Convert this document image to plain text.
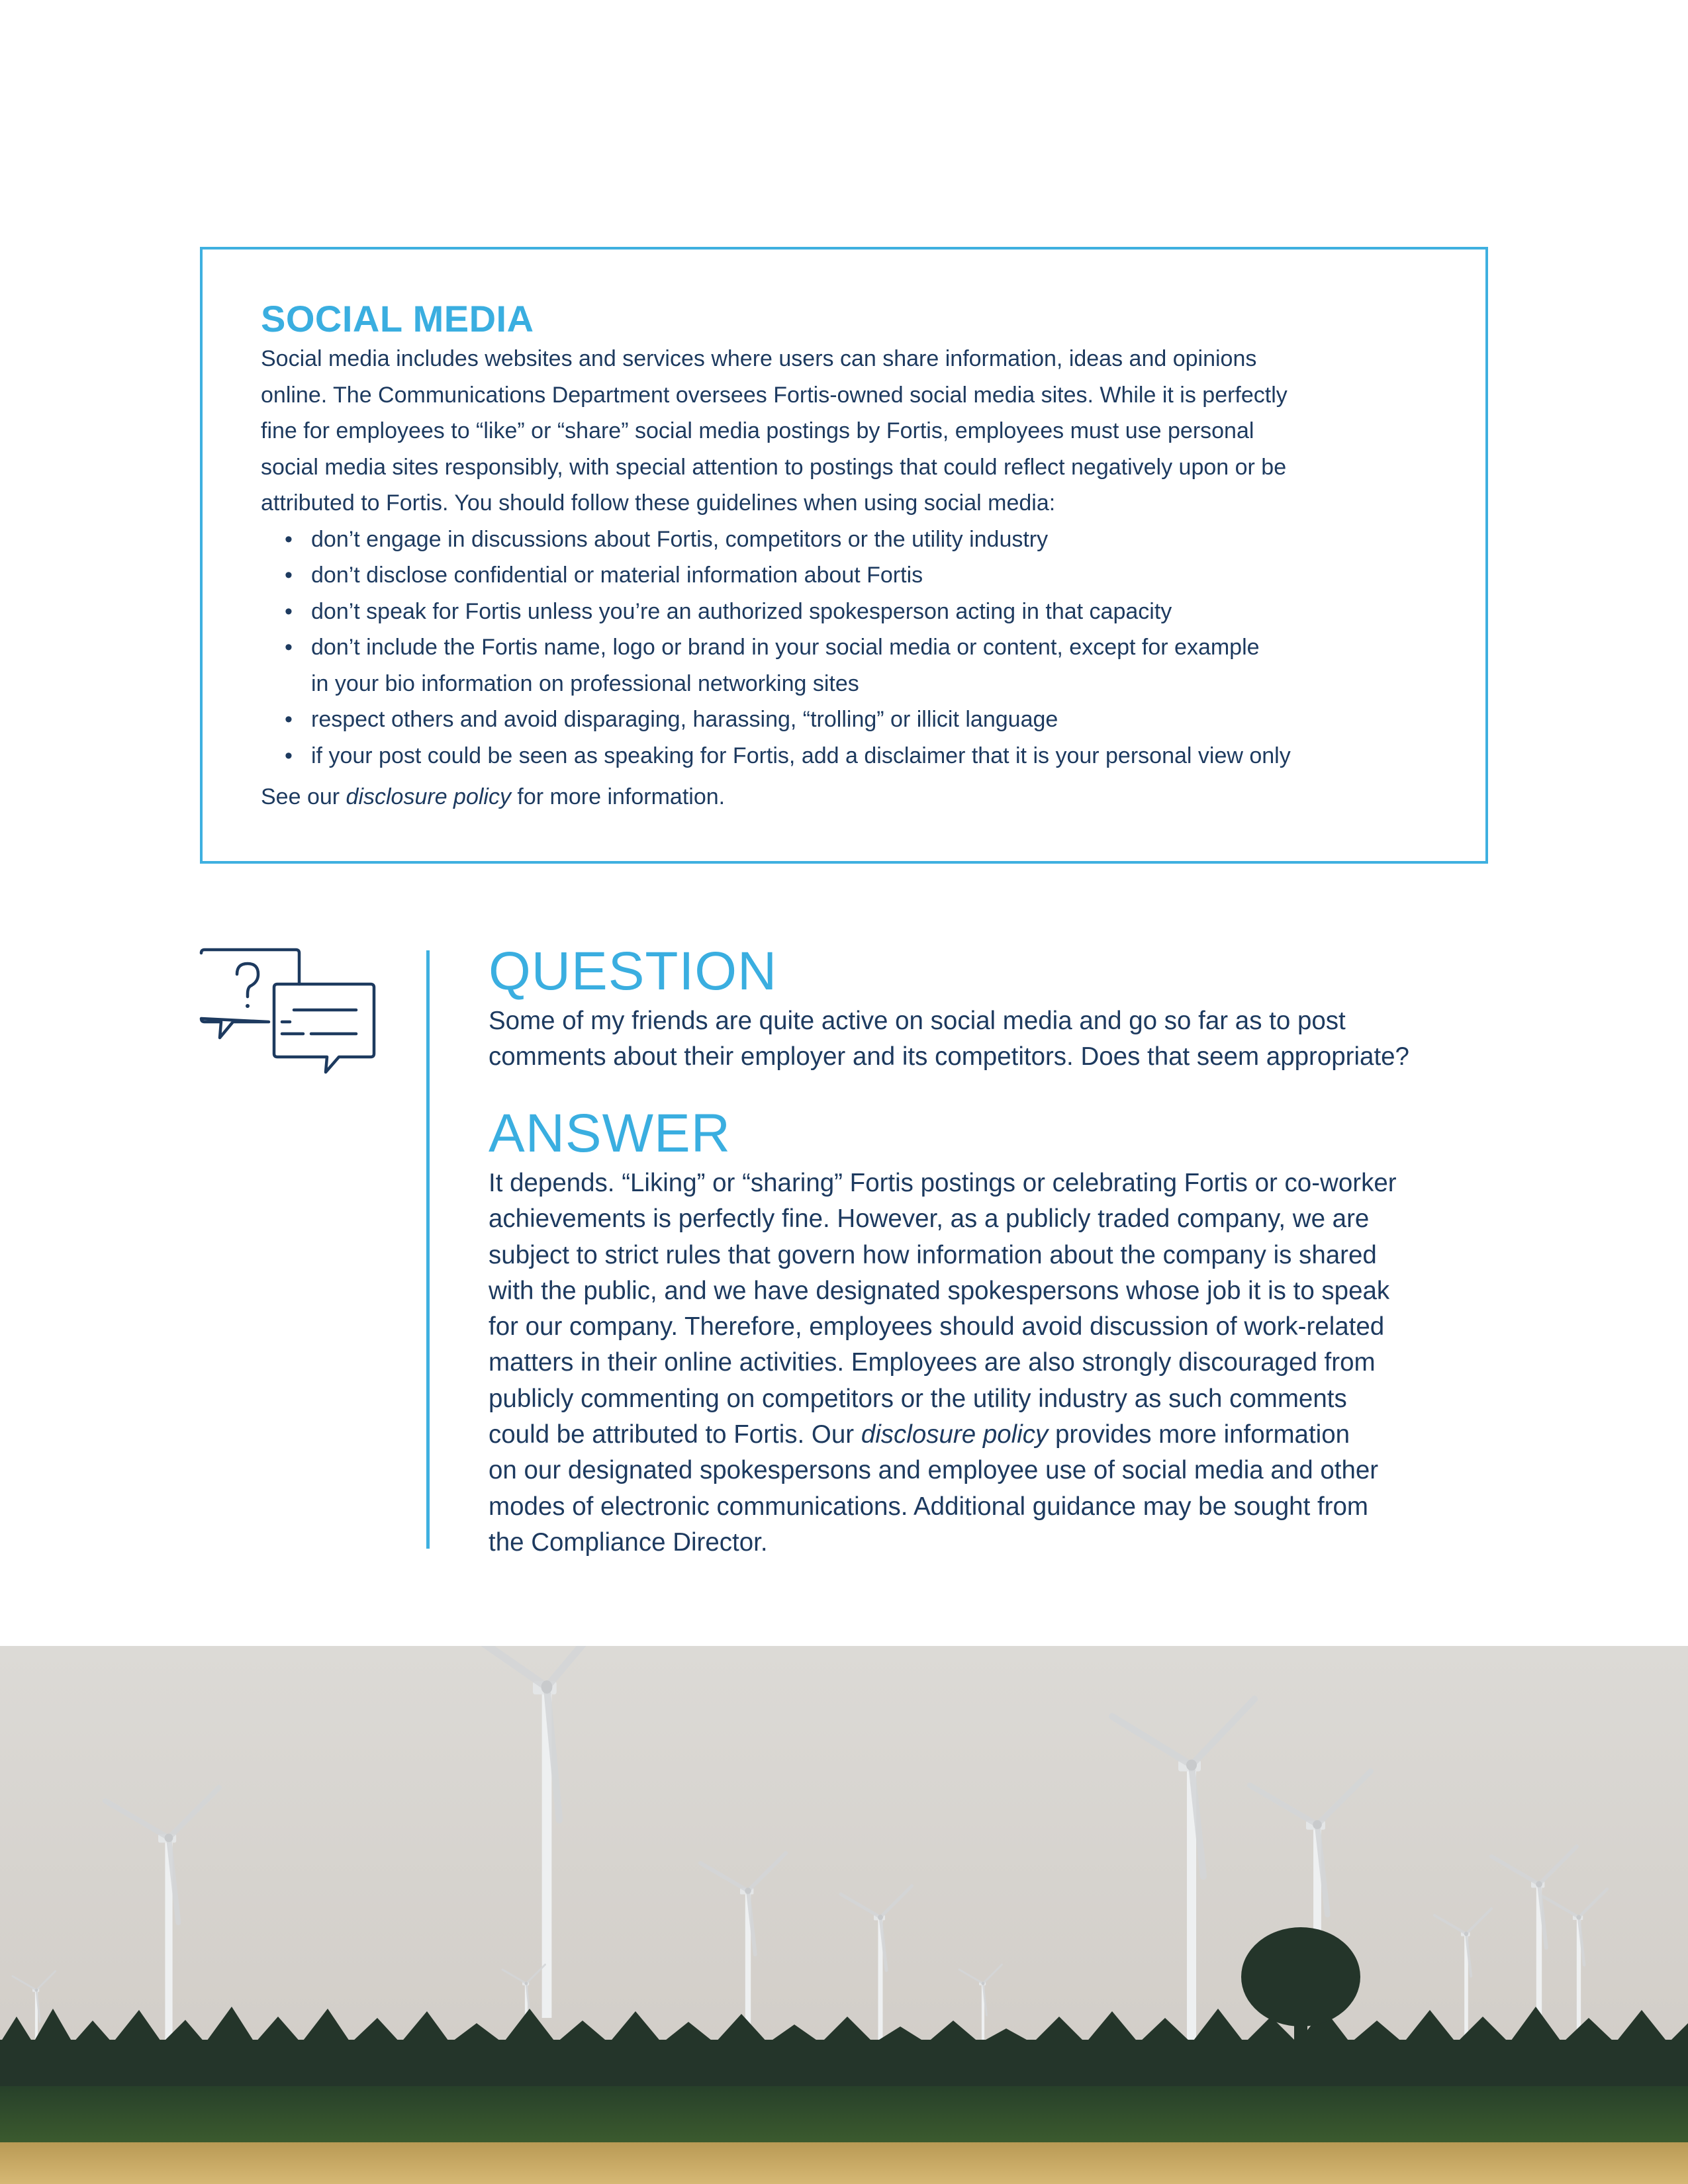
SOCIAL MEDIA

Social media includes websites and services where users can share information, ideas and opinions
online. The Communications Department oversees Fortis-owned social media sites. While it is perfectly
fine for employees to “like” or “share” social media postings by Fortis, employees must use personal
social media sites responsibly, with special attention to postings that could reflect negatively upon or be
attributed to Fortis. You should follow these guidelines when using social media:

• don’t engage in discussions about Fortis, competitors or the utility industry
• don’t disclose confidential or material information about Fortis
• don’t speak for Fortis unless you’re an authorized spokesperson acting in that capacity
• don’t include the Fortis name, logo or brand in your social media or content, except for example
in your bio information on professional networking sites
• respect others and avoid disparaging, harassing, “trolling” or illicit language
• if your post could be seen as speaking for Fortis, add a disclaimer that it is your personal view only

See our disclosure policy for more information.

QUESTION

Some of my friends are quite active on social media and go so far as to post
comments about their employer and its competitors. Does that seem appropriate?

ANSWER

It depends. “Liking” or “sharing” Fortis postings or celebrating Fortis or co-worker
achievements is perfectly fine. However, as a publicly traded company, we are
subject to strict rules that govern how information about the company is shared
with the public, and we have designated spokespersons whose job it is to speak
for our company. Therefore, employees should avoid discussion of work-related
matters in their online activities. Employees are also strongly discouraged from
publicly commenting on competitors or the utility industry as such comments
could be attributed to Fortis. Our disclosure policy provides more information
on our designated spokespersons and employee use of social media and other
modes of electronic communications. Additional guidance may be sought from
the Compliance Director.
